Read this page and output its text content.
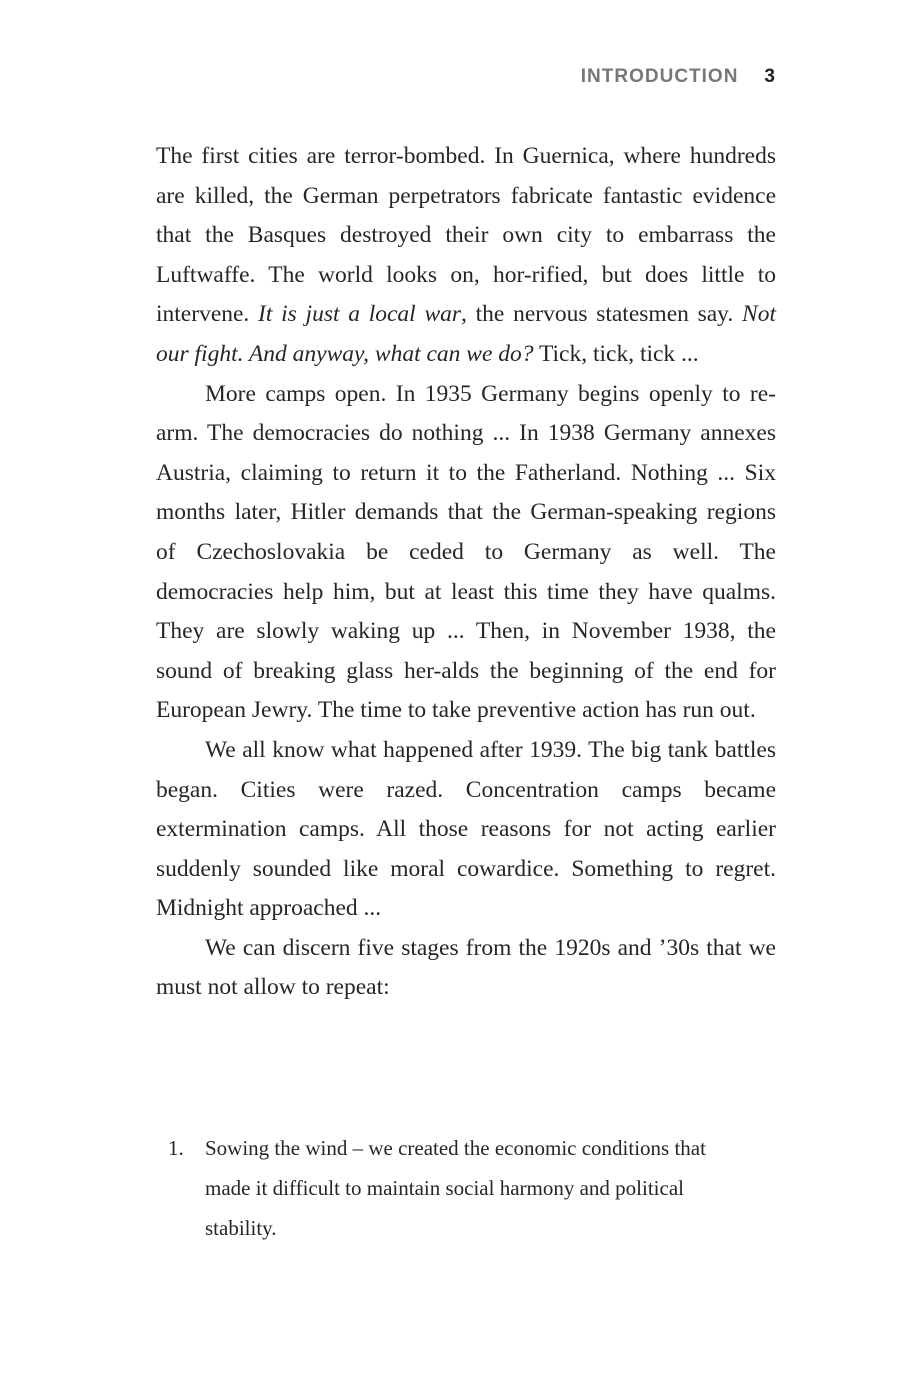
INTRODUCTION 3

The first cities are terror-bombed. In Guernica, where hundreds are killed, the German perpetrators fabricate fantastic evidence that the Basques destroyed their own city to embarrass the Luftwaffe. The world looks on, hor-rified, but does little to intervene. It is just a local war, the nervous statesmen say. Not our fight. And anyway, what can we do? Tick, tick, tick ...

More camps open. In 1935 Germany begins openly to re-arm. The democracies do nothing ... In 1938 Germany annexes Austria, claiming to return it to the Fatherland. Nothing ... Six months later, Hitler demands that the German-speaking regions of Czechoslovakia be ceded to Germany as well. The democracies help him, but at least this time they have qualms. They are slowly waking up ... Then, in November 1938, the sound of breaking glass her-alds the beginning of the end for European Jewry. The time to take preventive action has run out.

We all know what happened after 1939. The big tank battles began. Cities were razed. Concentration camps became extermination camps. All those reasons for not acting earlier suddenly sounded like moral cowardice. Something to regret. Midnight approached ...

We can discern five stages from the 1920s and ’30s that we must not allow to repeat:

1.	Sowing the wind – we created the economic conditions that made it difficult to maintain social harmony and political stability.
